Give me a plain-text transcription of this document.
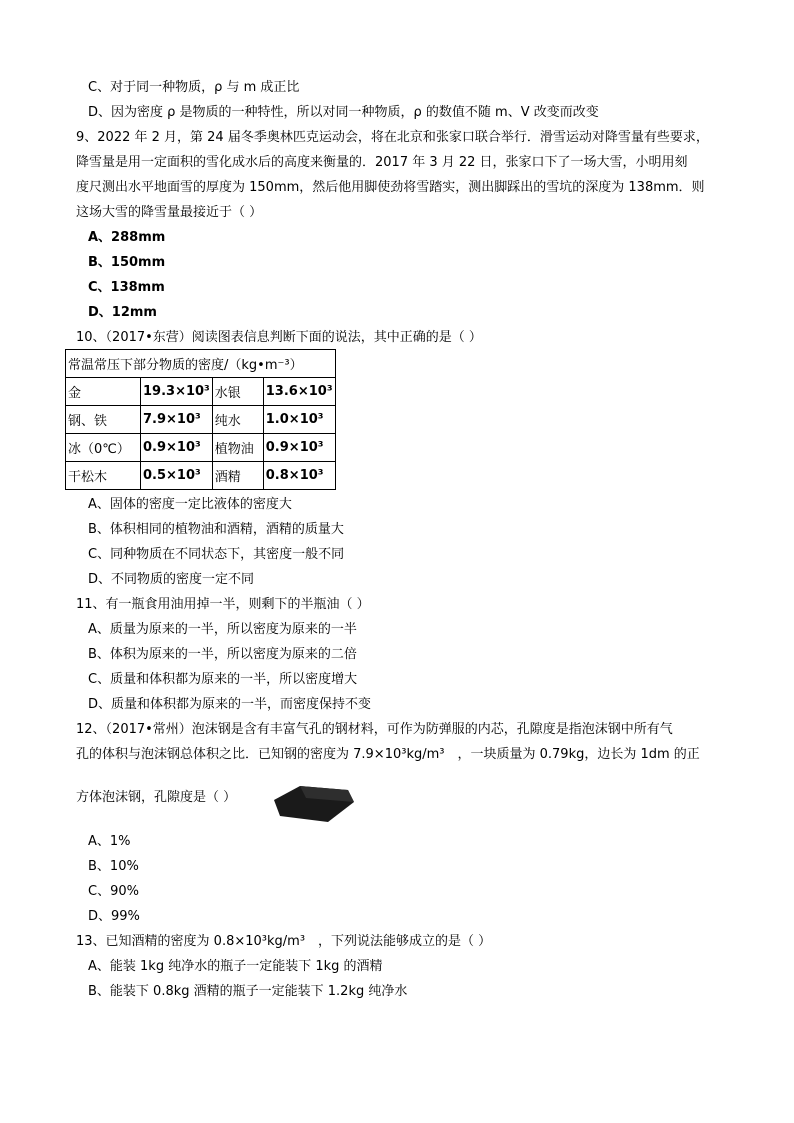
C、对于同一种物质，ρ 与 m 成正比
D、因为密度 ρ 是物质的一种特性，所以对同一种物质，ρ 的数值不随 m、V 改变而改变
9、2022 年 2 月，第 24 届冬季奥林匹克运动会，将在北京和张家口联合举行．滑雪运动对降雪量有些要求，
降雪量是用一定面积的雪化成水后的高度来衡量的．2017 年 3 月 22 日，张家口下了一场大雪，小明用刻
度尺测出水平地面雪的厚度为 150mm，然后他用脚使劲将雪踏实，测出脚踩出的雪坑的深度为 138mm．则
这场大雪的降雪量最接近于（ ）
A、288mm
B、150mm
C、138mm
D、12mm
10、（2017•东营）阅读图表信息判断下面的说法，其中正确的是（ ）
常温常压下部分物质的密度/（kg•m⁻³）			
金	19.3×10³	水银	13.6×10³
钢、铁	7.9×10³	纯水	1.0×10³
冰（0℃）	0.9×10³	植物油	0.9×10³
干松木	0.5×10³	酒精	0.8×10³
A、固体的密度一定比液体的密度大
B、体积相同的植物油和酒精，酒精的质量大
C、同种物质在不同状态下，其密度一般不同
D、不同物质的密度一定不同
11、有一瓶食用油用掉一半，则剩下的半瓶油（ ）
A、质量为原来的一半，所以密度为原来的一半
B、体积为原来的一半，所以密度为原来的二倍
C、质量和体积都为原来的一半，所以密度增大
D、质量和体积都为原来的一半，而密度保持不变
12、（2017•常州）泡沫钢是含有丰富气孔的钢材料，可作为防弹服的内芯，孔隙度是指泡沫钢中所有气
孔的体积与泡沫钢总体积之比．已知钢的密度为 7.9×10³kg/m³　，一块质量为 0.79kg，边长为 1dm 的正
方体泡沫钢，孔隙度是（ ）
A、1%
B、10%
C、90%
D、99%
13、已知酒精的密度为 0.8×10³kg/m³　，下列说法能够成立的是（ ）
A、能装 1kg 纯净水的瓶子一定能装下 1kg 的酒精
B、能装下 0.8kg 酒精的瓶子一定能装下 1.2kg 纯净水
